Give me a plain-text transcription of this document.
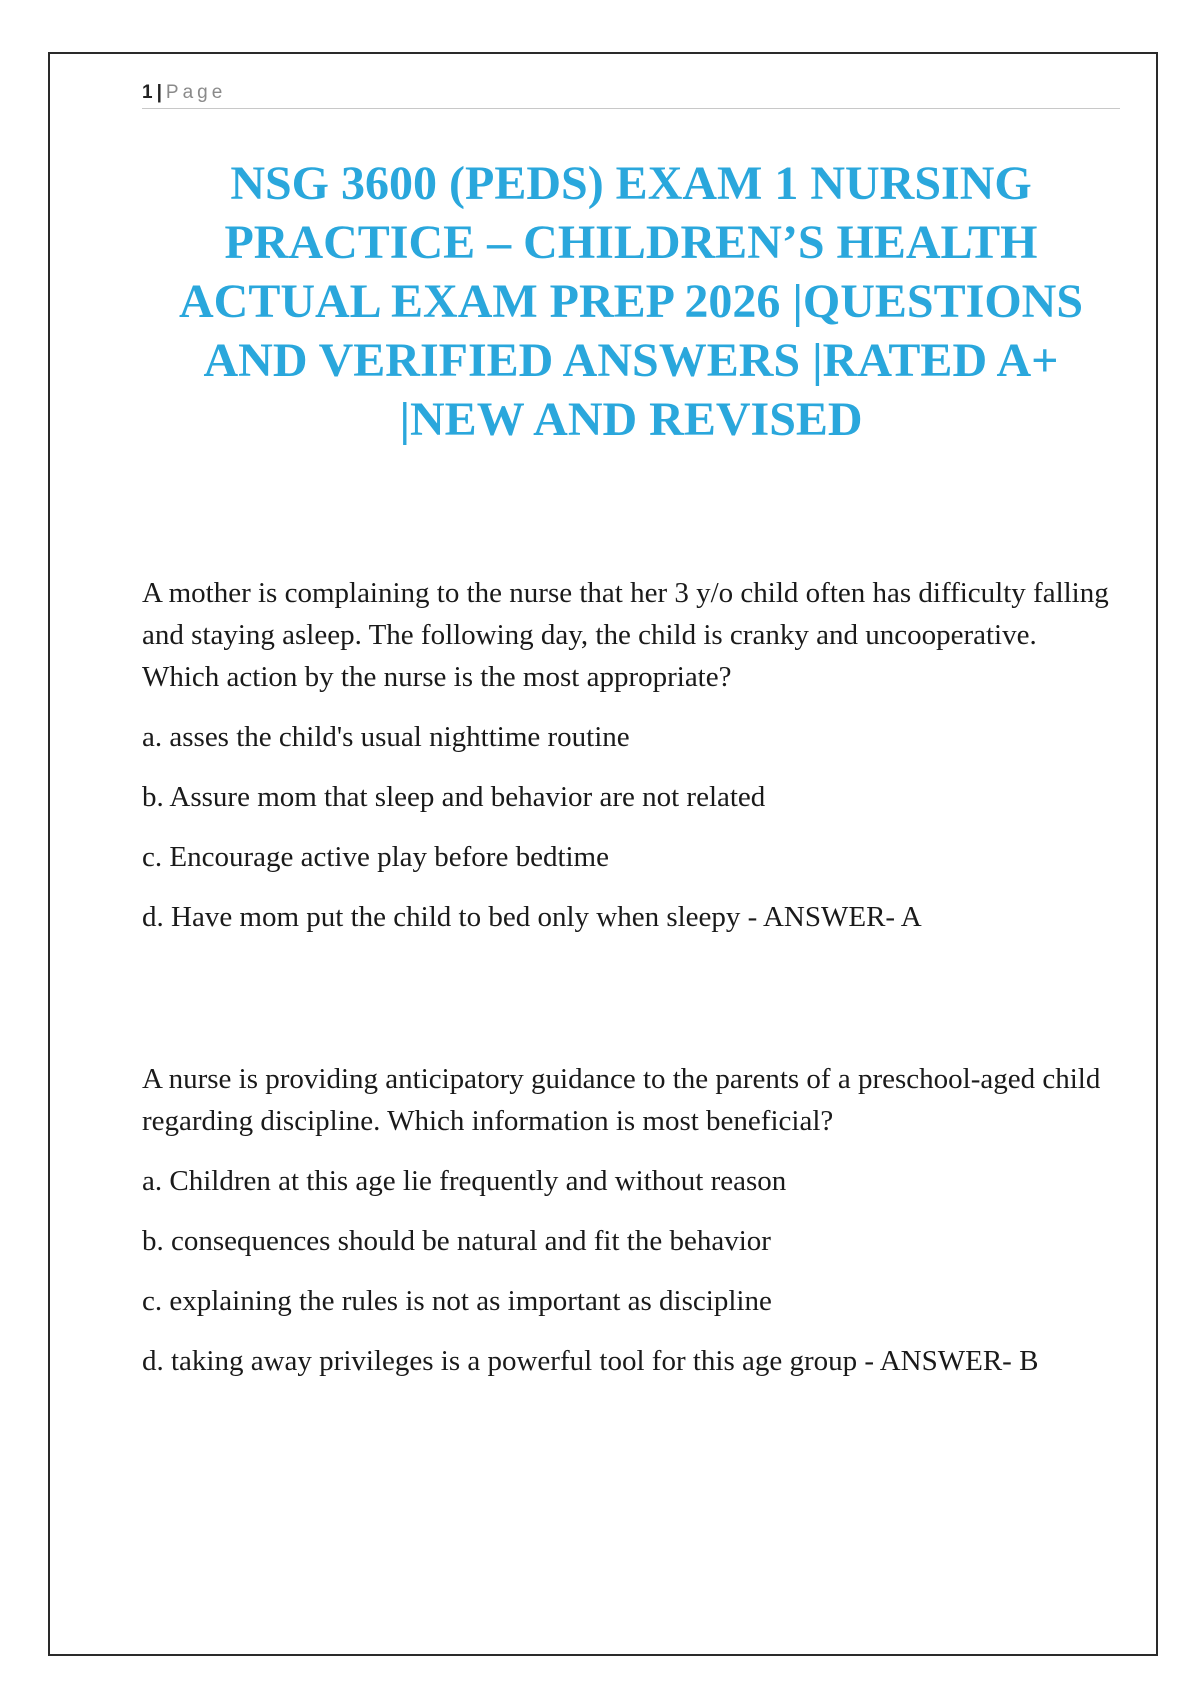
1 | Page
NSG 3600 (PEDS) EXAM 1 NURSING PRACTICE – CHILDREN’S HEALTH ACTUAL EXAM PREP 2026 |QUESTIONS AND VERIFIED ANSWERS |RATED A+ |NEW AND REVISED

A mother is complaining to the nurse that her 3 y/o child often has difficulty falling and staying asleep. The following day, the child is cranky and uncooperative. Which action by the nurse is the most appropriate?

a. asses the child's usual nighttime routine

b. Assure mom that sleep and behavior are not related

c. Encourage active play before bedtime

d. Have mom put the child to bed only when sleepy - ANSWER- A

A nurse is providing anticipatory guidance to the parents of a preschool-aged child regarding discipline. Which information is most beneficial?

a. Children at this age lie frequently and without reason

b. consequences should be natural and fit the behavior

c. explaining the rules is not as important as discipline

d. taking away privileges is a powerful tool for this age group - ANSWER- B
